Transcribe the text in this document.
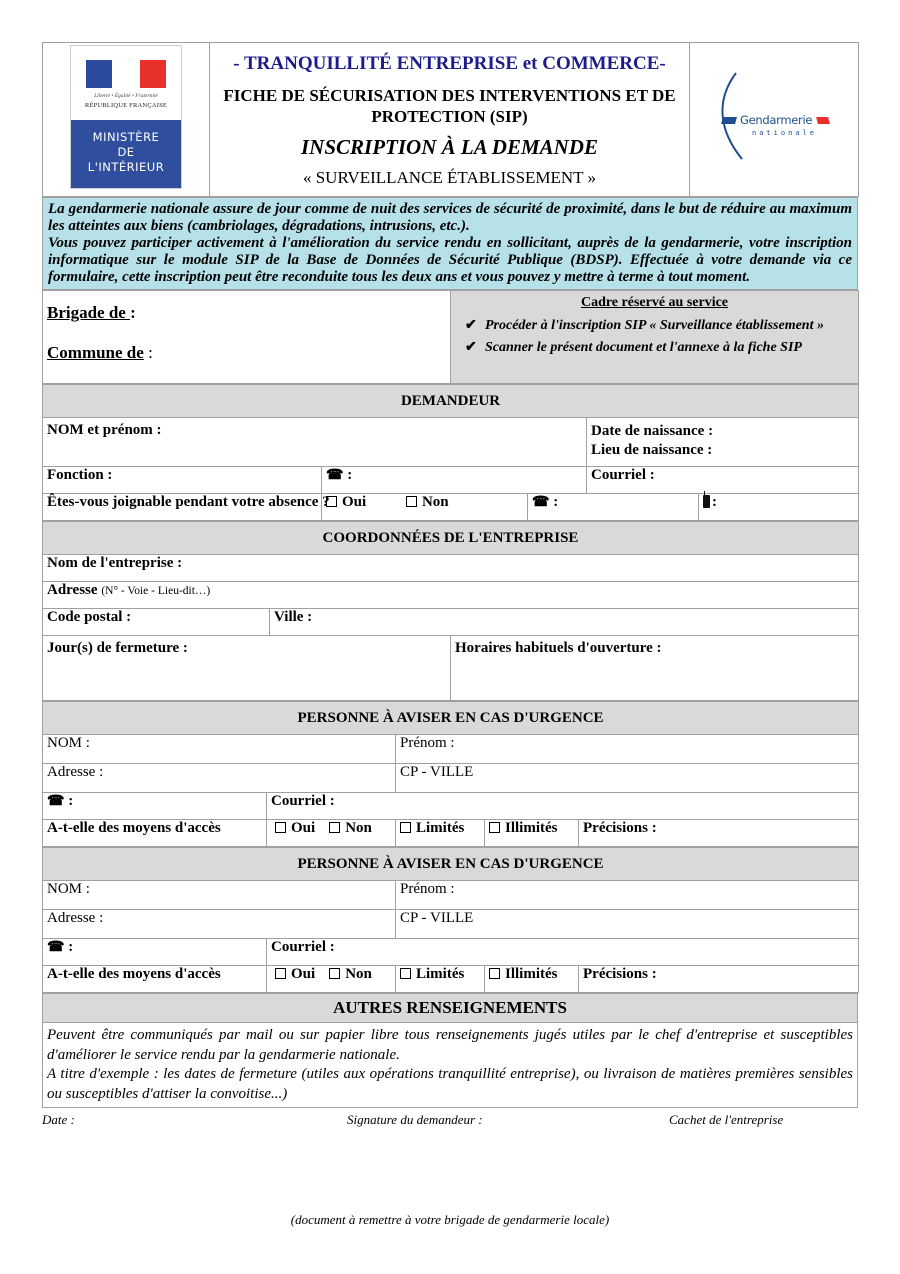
Liberté • Égalité • Fraternité
RÉPUBLIQUE FRANÇAISE
MINISTÈRE
DE
L'INTÉRIEUR

- TRANQUILLITÉ ENTREPRISE et COMMERCE-
FICHE DE SÉCURISATION DES INTERVENTIONS ET DE PROTECTION (SIP)
INSCRIPTION À LA DEMANDE
« SURVEILLANCE ÉTABLISSEMENT »

Gendarmerie
nationale
La gendarmerie nationale assure de jour comme de nuit des services de sécurité de proximité, dans le but de réduire au maximum les atteintes aux biens (cambriolages, dégradations, intrusions, etc.).
Vous pouvez participer activement à l'amélioration du service rendu en sollicitant, auprès de la gendarmerie, votre inscription informatique sur le module SIP de la Base de Données de Sécurité Publique (BDSP). Effectuée à votre demande via ce formulaire, cette inscription peut être reconduite tous les deux ans et vous pouvez y mettre à terme à tout moment.
Brigade de :
Commune de :

Cadre réservé au service
✔ Procéder à l'inscription SIP « Surveillance établissement »
✔ Scanner le présent document et l'annexe à la fiche SIP
DEMANDEUR				
NOM et prénom :			Date de naissance :
Lieu de naissance :	

Fonction :	☎ :		Courriel :	
Êtes-vous joignable pendant votre absence ?	Oui Non	☎ :		:
COORDONNÉES DE L'ENTREPRISE		
Nom de l'entreprise :		
Adresse (N° - Voie - Lieu-dit…)		
Code postal :	Ville :	
Jour(s) de fermeture :		Horaires habituels d'ouverture :
PERSONNE À AVISER EN CAS D'URGENCE				
NOM :		Prénom :		
Adresse :		CP - VILLE		
☎ :	Courriel :			
A-t-elle des moyens d'accès	Oui Non	Limités	Illimités	Précisions :
PERSONNE À AVISER EN CAS D'URGENCE				
NOM :		Prénom :		
Adresse :		CP - VILLE		
☎ :	Courriel :			
A-t-elle des moyens d'accès	Oui Non	Limités	Illimités	Précisions :
AUTRES RENSEIGNEMENTS

Peuvent être communiqués par mail ou sur papier libre tous renseignements jugés utiles par le chef d'entreprise et susceptibles d'améliorer le service rendu par la gendarmerie nationale.
A titre d'exemple : les dates de fermeture (utiles aux opérations tranquillité entreprise), ou livraison de matières premières sensibles ou susceptibles d'attiser la convoitise...)
Date :	Signature du demandeur :	Cachet de l'entreprise
(document à remettre à votre brigade de gendarmerie locale)
